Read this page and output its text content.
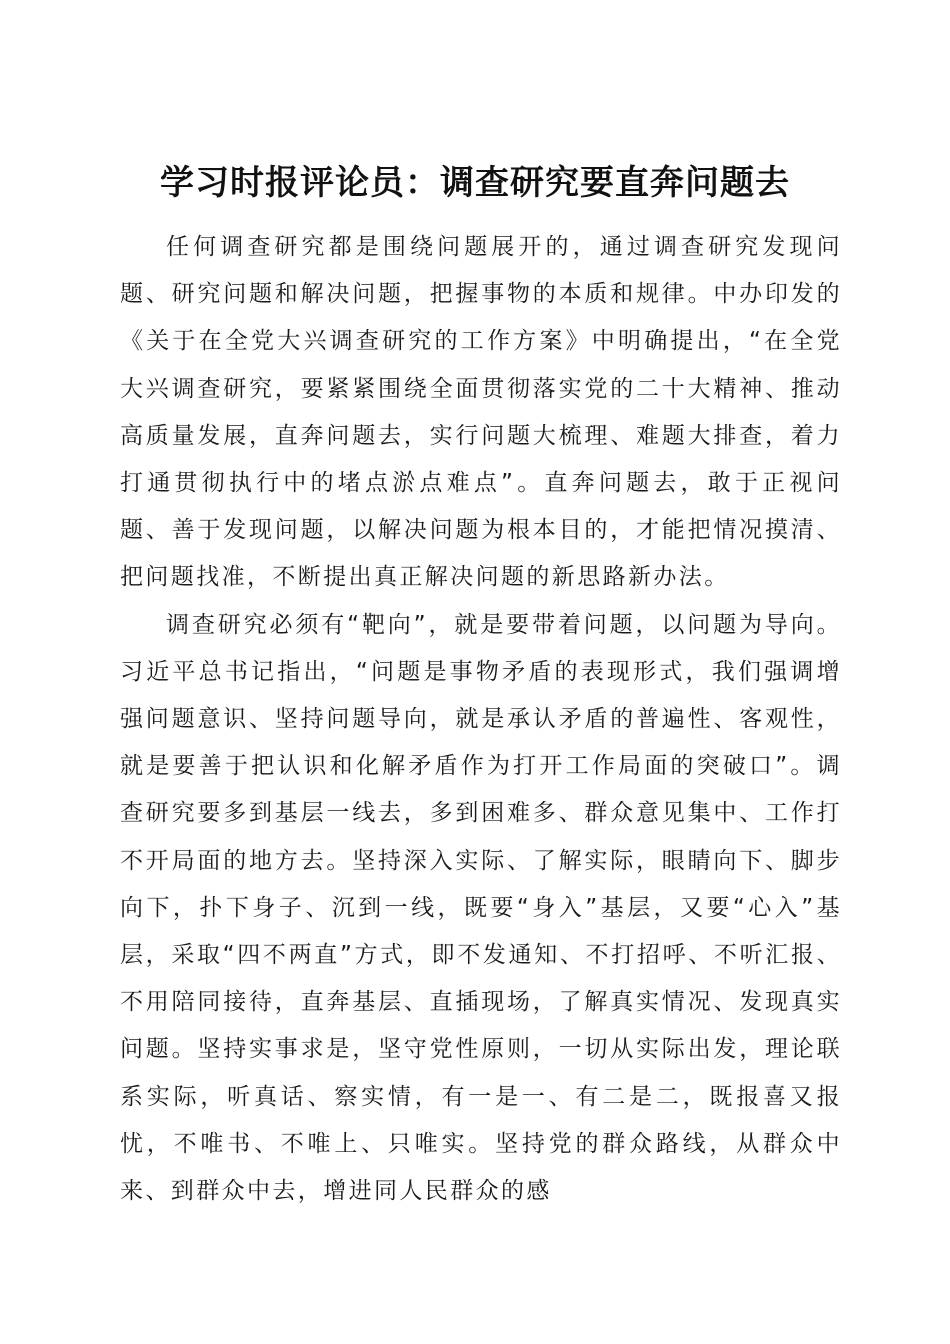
学习时报评论员：调查研究要直奔问题去

任何调查研究都是围绕问题展开的，通过调查研究发现问题、研究问题和解决问题，把握事物的本质和规律。中办印发的《关于在全党大兴调查研究的工作方案》中明确提出，“在全党大兴调查研究，要紧紧围绕全面贯彻落实党的二十大精神、推动高质量发展，直奔问题去，实行问题大梳理、难题大排查，着力打通贯彻执行中的堵点淤点难点”。直奔问题去，敢于正视问题、善于发现问题，以解决问题为根本目的，才能把情况摸清、把问题找准，不断提出真正解决问题的新思路新办法。

调查研究必须有“靶向”，就是要带着问题，以问题为导向。习近平总书记指出，“问题是事物矛盾的表现形式，我们强调增强问题意识、坚持问题导向，就是承认矛盾的普遍性、客观性，就是要善于把认识和化解矛盾作为打开工作局面的突破口”。调查研究要多到基层一线去，多到困难多、群众意见集中、工作打不开局面的地方去。坚持深入实际、了解实际，眼睛向下、脚步向下，扑下身子、沉到一线，既要“身入”基层，又要“心入”基层，采取“四不两直”方式，即不发通知、不打招呼、不听汇报、不用陪同接待，直奔基层、直插现场，了解真实情况、发现真实问题。坚持实事求是，坚守党性原则，一切从实际出发，理论联系实际，听真话、察实情，有一是一、有二是二，既报喜又报忧，不唯书、不唯上、只唯实。坚持党的群众路线，从群众中来、到群众中去，增进同人民群众的感
